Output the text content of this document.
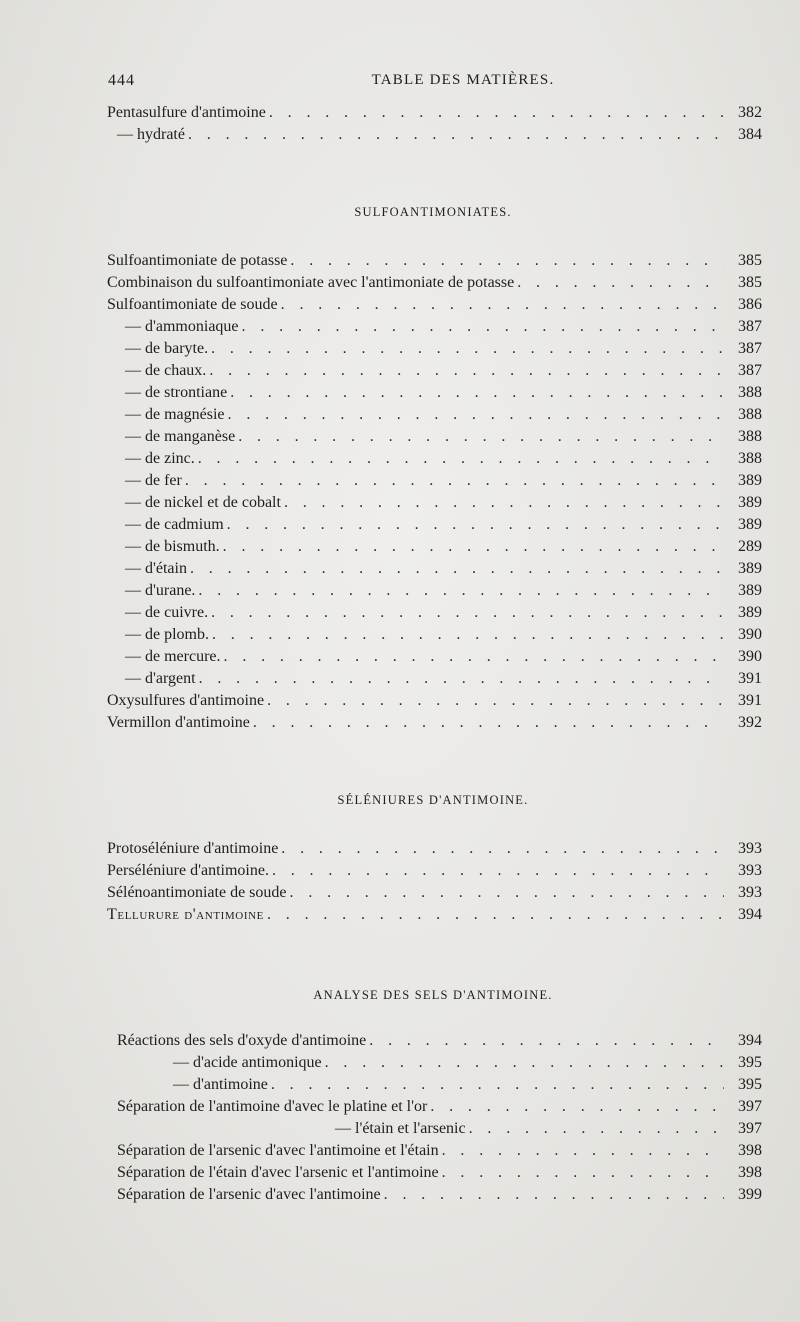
444	TABLE DES MATIÈRES.
Pentasulfure d'antimoine . . .	382
— hydraté . . .	384
SULFOANTIMONIATES.
Sulfoantimoniate de potasse . . .	385
Combinaison du sulfoantimoniate avec l'antimoniate de potasse . . .	385
Sulfoantimoniate de soude . . .	386
— d'ammoniaque . . .	387
— de baryte. . . .	387
— de chaux. . . .	387
— de strontiane . . .	388
— de magnésie . . .	388
— de manganèse . . .	388
— de zinc. . . .	388
— de fer . . .	389
— de nickel et de cobalt . . .	389
— de cadmium . . .	389
— de bismuth. . . .	289
— d'étain . . .	389
— d'urane. . . .	389
— de cuivre. . . .	389
— de plomb. . . .	390
— de mercure. . . .	390
— d'argent . . .	391
Oxysulfures d'antimoine . . .	391
Vermillon d'antimoine . . .	392
SÉLÉNIURES D'ANTIMOINE.
Protoséléniure d'antimoine . . .	393
Perséléniure d'antimoine. . . .	393
Sélénoantimoniate de soude . . .	393
Tellurure d'antimoine . . .	394
ANALYSE DES SELS D'ANTIMOINE.
Réactions des sels d'oxyde d'antimoine . . .	394
— d'acide antimonique . . .	395
— d'antimoine . . .	395
Séparation de l'antimoine d'avec le platine et l'or . . .	397
— l'étain et l'arsenic . . .	397
Séparation de l'arsenic d'avec l'antimoine et l'étain . . .	398
Séparation de l'étain d'avec l'arsenic et l'antimoine . . .	398
Séparation de l'arsenic d'avec l'antimoine . . .	399
